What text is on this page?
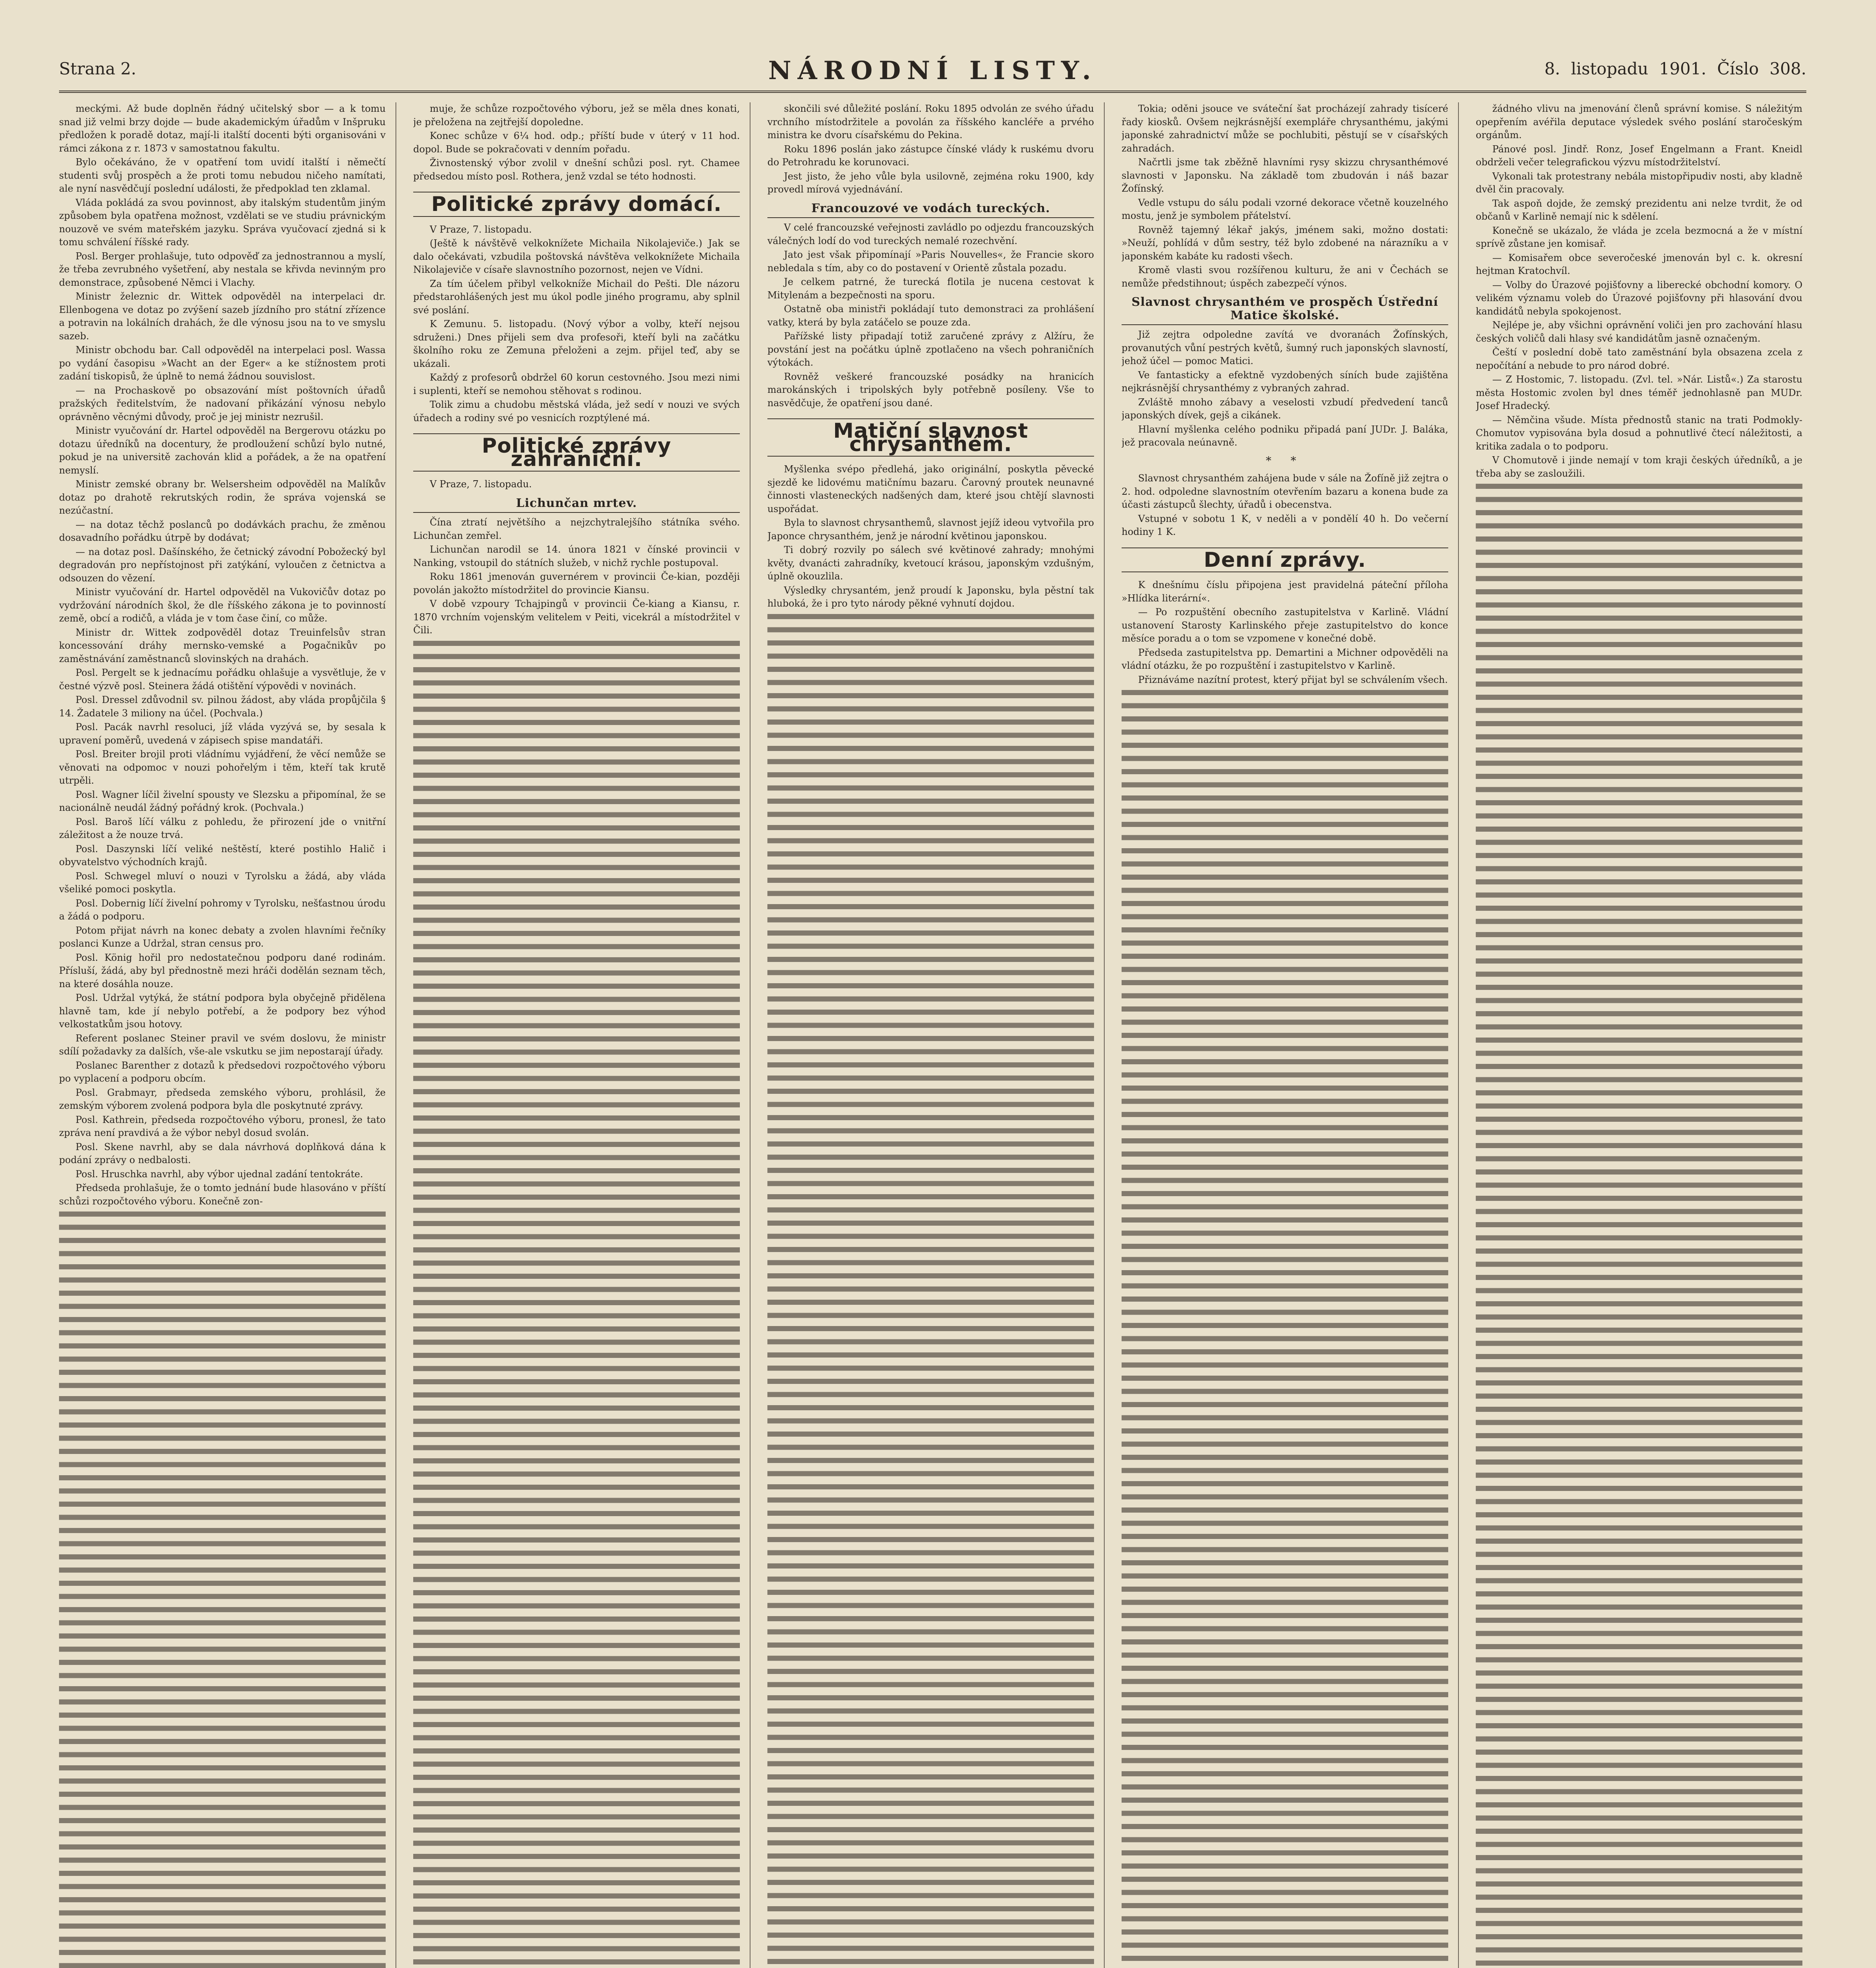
Strana 2.	NÁRODNÍ LISTY.	8. listopadu 1901. Číslo 308.

meckými. Až bude doplněn řádný učitelský sbor — a k tomu snad již velmi brzy dojde — bude akademickým úřadům v Inšpruku předložen k poradě dotaz, mají-li italští docenti býti organisováni v rámci zákona z r. 1873 v samostatnou fakultu.

Bylo očekáváno, že v opatření tom uvidí italští i němečtí studenti svůj prospěch a že proti tomu nebudou ničeho namítati, ale nyní nasvědčují poslední události, že předpoklad ten zklamal.

Vláda pokládá za svou povinnost, aby italským studentům jiným způsobem byla opatřena možnost, vzdělati se ve studiu právnickým nouzově ve svém mateřském jazyku. Správa vyučovací zjedná si k tomu schválení říšské rady.

Posl. Berger prohlašuje, tuto odpověď za jednostrannou a myslí, že třeba zevrubného vyšetření, aby nestala se křivda nevinným pro demonstrace, způsobené Němci i Vlachy.

Ministr železnic dr. Wittek odpověděl na interpelaci dr. Ellenbogena ve dotaz po zvýšení sazeb jízdního pro státní zřízence a potravin na lokálních drahách, že dle výnosu jsou na to ve smyslu sazeb.

Ministr obchodu bar. Call odpověděl na interpelaci posl. Wassa po vydání časopisu »Wacht an der Eger« a ke stížnostem proti zadání tiskopisů, že úplně to nemá žádnou souvislost.

— na Prochaskově po obsazování míst poštovních úřadů pražských ředitelstvím, že nadovaní přikázání výnosu nebylo oprávněno věcnými důvody, proč je jej ministr nezrušil.

Ministr vyučování dr. Hartel odpověděl na Bergerovu otázku po dotazu úředníků na docentury, že prodloužení schůzí bylo nutné, pokud je na universitě zachován klid a pořádek, a že na opatření nemyslí.

Ministr zemské obrany br. Welsersheim odpověděl na Malíkův dotaz po drahotě rekrutských rodin, že správa vojenská se nezúčastní.

— na dotaz těchž poslanců po dodávkách prachu, že změnou dosavadního pořádku útrpě by dodávat;

— na dotaz posl. Dašínského, že četnický závodní Pobožecký byl degradován pro nepřístojnost při zatýkání, vyloučen z četnictva a odsouzen do vězení.

Ministr vyučování dr. Hartel odpověděl na Vukovičův dotaz po vydržování národních škol, že dle říšského zákona je to povinností země, obcí a rodičů, a vláda je v tom čase činí, co může.

Ministr dr. Wittek zodpověděl dotaz Treuinfelsův stran koncessování dráhy mernsko-vemské a Pogačnikův po zaměstnávání zaměstnanců slovinských na drahách.

Posl. Pergelt se k jednacímu pořádku ohlašuje a vysvětluje, že v čestné výzvě posl. Steinera žádá otištění výpovědi v novinách.

Posl. Dressel zdůvodnil sv. pilnou žádost, aby vláda propůjčila § 14. Žadatele 3 miliony na účel. (Pochvala.)

Posl. Pacák navrhl resoluci, jíž vláda vyzývá se, by sesala k upravení poměrů, uvedená v zápisech spise mandatáři.

Posl. Breiter brojil proti vládnímu vyjádření, že věcí nemůže se věnovati na odpomoc v nouzi pohořelým i těm, kteří tak krutě utrpěli.

Posl. Wagner líčil živelní spousty ve Slezsku a připomínal, že se nacionálně neudál žádný pořádný krok. (Pochvala.)

Posl. Baroš líčí válku z pohledu, že přirození jde o vnitřní záležitost a že nouze trvá.

Posl. Daszynski líčí veliké neštěstí, které postihlo Halič i obyvatelstvo východních krajů.

Posl. Schwegel mluví o nouzi v Tyrolsku a žádá, aby vláda všeliké pomoci poskytla.

Posl. Dobernig líčí živelní pohromy v Tyrolsku, nešťastnou úrodu a žádá o podporu.

Potom přijat návrh na konec debaty a zvolen hlavními řečníky poslanci Kunze a Udržal, stran census pro.

Posl. König hořil pro nedostatečnou podporu dané rodinám. Přísluší, žádá, aby byl přednostně mezi hráči dodělán seznam těch, na které dosáhla nouze.

Posl. Udržal vytýká, že státní podpora byla obyčejně přidělena hlavně tam, kde jí nebylo potřebí, a že podpory bez výhod velkostatkům jsou hotovy.

Referent poslanec Steiner pravil ve svém doslovu, že ministr sdílí požadavky za dalších, vše-ale vskutku se jim nepostarají úřady.

Poslanec Barenther z dotazů k předsedovi rozpočtového výboru po vyplacení a podporu obcím.

Posl. Grabmayr, předseda zemského výboru, prohlásil, že zemským výborem zvolená podpora byla dle poskytnuté zprávy.

Posl. Kathrein, předseda rozpočtového výboru, pronesl, že tato zpráva není pravdivá a že výbor nebyl dosud svolán.

Posl. Skene navrhl, aby se dala návrhová doplňková dána k podání zprávy o nedbalosti.

Posl. Hruschka navrhl, aby výbor ujednal zadání tentokráte.

Předseda prohlašuje, že o tomto jednání bude hlasováno v příští schůzi rozpočtového výboru. Konečně zon-

muje, že schůze rozpočtového výboru, jež se měla dnes konati, je přeložena na zejtřejší dopoledne.

Konec schůze v 6¼ hod. odp.; příští bude v úterý v 11 hod. dopol. Bude se pokračovati v denním pořadu.

Živnostenský výbor zvolil v dnešní schůzi posl. ryt. Chamee předsedou místo posl. Rothera, jenž vzdal se této hodnosti.

Politické zprávy domácí.

V Praze, 7. listopadu.

(Ještě k návštěvě velkoknížete Michaila Nikolajeviče.) Jak se dalo očekávati, vzbudila poštovská návštěva velkoknížete Michaila Nikolajeviče v císaře slavnostního pozornost, nejen ve Vídni.

Za tím účelem přibyl velkokníže Michail do Pešti. Dle názoru předstarohlášených jest mu úkol podle jiného programu, aby splnil své poslání.

K Zemunu. 5. listopadu. (Nový výbor a volby, kteří nejsou sdruženi.) Dnes přijeli sem dva profesoři, kteří byli na začátku školního roku ze Zemuna přeloženi a zejm. přijel teď, aby se ukázali.

Každý z profesorů obdržel 60 korun cestovného. Jsou mezi nimi i suplenti, kteří se nemohou stěhovat s rodinou.

Tolik zimu a chudobu městská vláda, jež sedí v nouzi ve svých úřadech a rodiny své po vesnicích rozptýlené má.

Politické zprávy zahraniční.

V Praze, 7. listopadu.

Lichunčan mrtev.

Čína ztratí největšího a nejzchytralejšího státníka svého. Lichunčan zemřel.

Lichunčan narodil se 14. února 1821 v čínské provincii v Nanking, vstoupil do státních služeb, v nichž rychle postupoval.

Roku 1861 jmenován guvernérem v provincii Če-kian, později povolán jakožto místodržitel do provincie Kiansu.

V době vzpoury Tchajpingů v provincii Če-kiang a Kiansu, r. 1870 vrchním vojenským velitelem v Peiti, vicekrál a místodržitel v Čili.

skončili své důležité poslání. Roku 1895 odvolán ze svého úřadu vrchního místodržitele a povolán za říšského kancléře a prvého ministra ke dvoru císařskému do Pekina.

Roku 1896 poslán jako zástupce čínské vlády k ruskému dvoru do Petrohradu ke korunovaci.

Jest jisto, že jeho vůle byla usilovně, zejména roku 1900, kdy provedl mírová vyjednávání.

Francouzové ve vodách tureckých.

V celé francouzské veřejnosti zavládlo po odjezdu francouzských válečných lodí do vod tureckých nemalé rozechvění.

Jato jest však připomínají »Paris Nouvelles«, že Francie skoro nebledala s tím, aby co do postavení v Orientě zůstala pozadu.

Je celkem patrné, že turecká flotila je nucena cestovat k Mitylenám a bezpečnosti na sporu.

Ostatně oba ministři pokládají tuto demonstraci za prohlášení vatky, která by byla zatáčelo se pouze zda.

Pařížské listy připadají totiž zaručené zprávy z Alžíru, že povstání jest na počátku úplně zpotlačeno na všech pohraničních výtokách.

Rovněž veškeré francouzské posádky na hranicích marokánských i tripolských byly potřebně posíleny. Vše to nasvědčuje, že opatření jsou dané.

Matiční slavnost chrysanthém.

Myšlenka svépo předlehá, jako originální, poskytla pěvecké sjezdě ke lidovému matičnímu bazaru. Čarovný proutek neunavné činnosti vlasteneckých nadšených dam, které jsou chtějí slavnosti uspořádat.

Byla to slavnost chrysanthemů, slavnost jejíž ideou vytvořila pro Japonce chrysanthém, jenž je národní květinou japonskou.

Ti dobrý rozvily po sálech své květinové zahrady; mnohými květy, dvanácti zahradníky, kvetoucí krásou, japonským vzdušným, úplně okouzlila.

Výsledky chrysantém, jenž proudí k Japonsku, byla pěstní tak hluboká, že i pro tyto národy pěkné vyhnutí dojdou.

Tokia; oděni jsouce ve sváteční šat procházejí zahrady tisíceré řady kiosků. Ovšem nejkrásnější exempláře chrysanthému, jakými japonské zahradnictví může se pochlubiti, pěstují se v císařských zahradách.

Načrtli jsme tak zběžně hlavními rysy skizzu chrysanthémové slavnosti v Japonsku. Na základě tom zbudován i náš bazar Žofínský.

Vedle vstupu do sálu podali vzorné dekorace včetně kouzelného mostu, jenž je symbolem přátelství.

Rovněž tajemný lékař jakýs, jménem saki, možno dostati: »Neuží, pohlídá v dům sestry, též bylo zdobené na nárazníku a v japonském kabáte ku radosti všech.

Kromě vlasti svou rozšířenou kulturu, že ani v Čechách se nemůže předstihnout; úspěch zabezpečí výnos.

Slavnost chrysanthém ve prospěch Ústřední Matice školské.

Již zejtra odpoledne zavítá ve dvoranách Žofínských, provanutých vůní pestrých květů, šumný ruch japonských slavností, jehož účel — pomoc Matici.

Ve fantasticky a efektně vyzdobených síních bude zajištěna nejkrásnější chrysanthémy z vybraných zahrad.

Zvláště mnoho zábavy a veselosti vzbudí předvedení tanců japonských dívek, gejš a cikánek.

Hlavní myšlenka celého podniku připadá paní JUDr. J. Baláka, jež pracovala neúnavně.

* *

Slavnost chrysanthém zahájena bude v sále na Žofíně již zejtra o 2. hod. odpoledne slavnostním otevřením bazaru a konena bude za účasti zástupců šlechty, úřadů i obecenstva.

Vstupné v sobotu 1 K, v neděli a v pondělí 40 h. Do večerní hodiny 1 K.

Denní zprávy.

K dnešnímu číslu připojena jest pravidelná páteční příloha »Hlídka literární«.

— Po rozpuštění obecního zastupitelstva v Karlině. Vládní ustanovení Starosty Karlinského přeje zastupitelstvo do konce měsíce poradu a o tom se vzpomene v konečné době.

Předseda zastupitelstva pp. Demartini a Michner odpověděli na vládní otázku, že po rozpuštění i zastupitelstvo v Karlině.

Přiznáváme nazítní protest, který přijat byl se schválením všech.

žádného vlivu na jmenování členů správní komise. S náležitým opepřením avéřila deputace výsledek svého poslání staročeským orgánům.

Pánové posl. Jindř. Ronz, Josef Engelmann a Frant. Kneidl obdrželi večer telegrafickou výzvu místodržitelství.

Vykonali tak protestrany nebála mistopřipudiv nosti, aby kladně dvěl čin pracovaly.

Tak aspoň dojde, že zemský prezidentu ani nelze tvrdit, že od občanů v Karlině nemají nic k sdělení.

Konečně se ukázalo, že vláda je zcela bezmocná a že v místní sprívě zůstane jen komisař.

— Komisařem obce severočeské jmenován byl c. k. okresní hejtman Kratochvíl.

— Volby do Úrazové pojišťovny a liberecké obchodní komory. O velikém významu voleb do Úrazové pojišťovny při hlasování dvou kandidátů nebyla spokojenost.

Nejlépe je, aby všichni oprávnění voliči jen pro zachování hlasu českých voličů dali hlasy své kandidátům jasně označeným.

Čeští v poslední době tato zaměstnání byla obsazena zcela z nepočítání a nebude to pro národ dobré.

— Z Hostomic, 7. listopadu. (Zvl. tel. »Nár. Listů«.) Za starostu města Hostomic zvolen byl dnes téměř jednohlasně pan MUDr. Josef Hradecký.

— Němčina všude. Místa přednostů stanic na trati Podmokly-Chomutov vypisována byla dosud a pohnutlivé čtecí náležitosti, a kritika zadala o to podporu.

V Chomutově i jinde nemají v tom kraji českých úředníků, a je třeba aby se zasloužili.
